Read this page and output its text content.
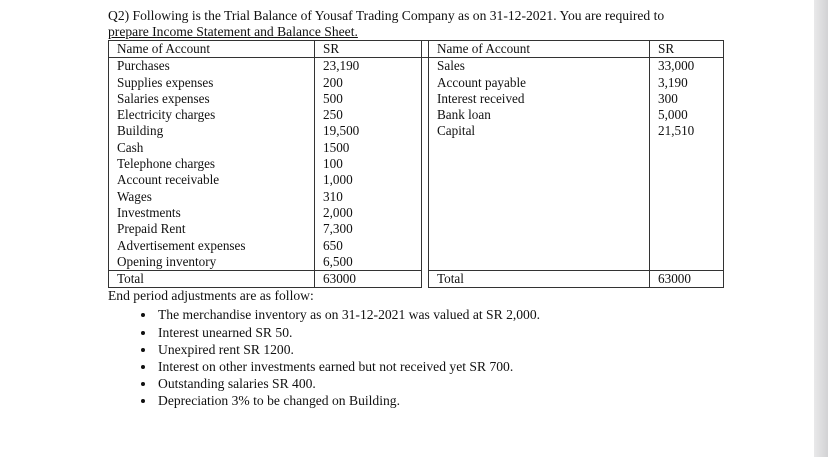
Q2) Following is the Trial Balance of Yousaf Trading Company as on 31-12-2021. You are required to
prepare Income Statement and Balance Sheet.

Name of Account	SR		Name of Account	SR
Purchases	23,190		Sales	33,000
Supplies expenses	200		Account payable	3,190
Salaries expenses	500		Interest received	300
Electricity charges	250		Bank loan	5,000
Building	19,500		Capital	21,510
Cash	1500			
Telephone charges	100			
Account receivable	1,000			
Wages	310			
Investments	2,000			
Prepaid Rent	7,300			
Advertisement expenses	650			
Opening inventory	6,500			
Total	63000		Total	63000

End period adjustments are as follow:

• The merchandise inventory as on 31-12-2021 was valued at SR 2,000.
• Interest unearned SR 50.
• Unexpired rent SR 1200.
• Interest on other investments earned but not received yet SR 700.
• Outstanding salaries SR 400.
• Depreciation 3% to be changed on Building.
